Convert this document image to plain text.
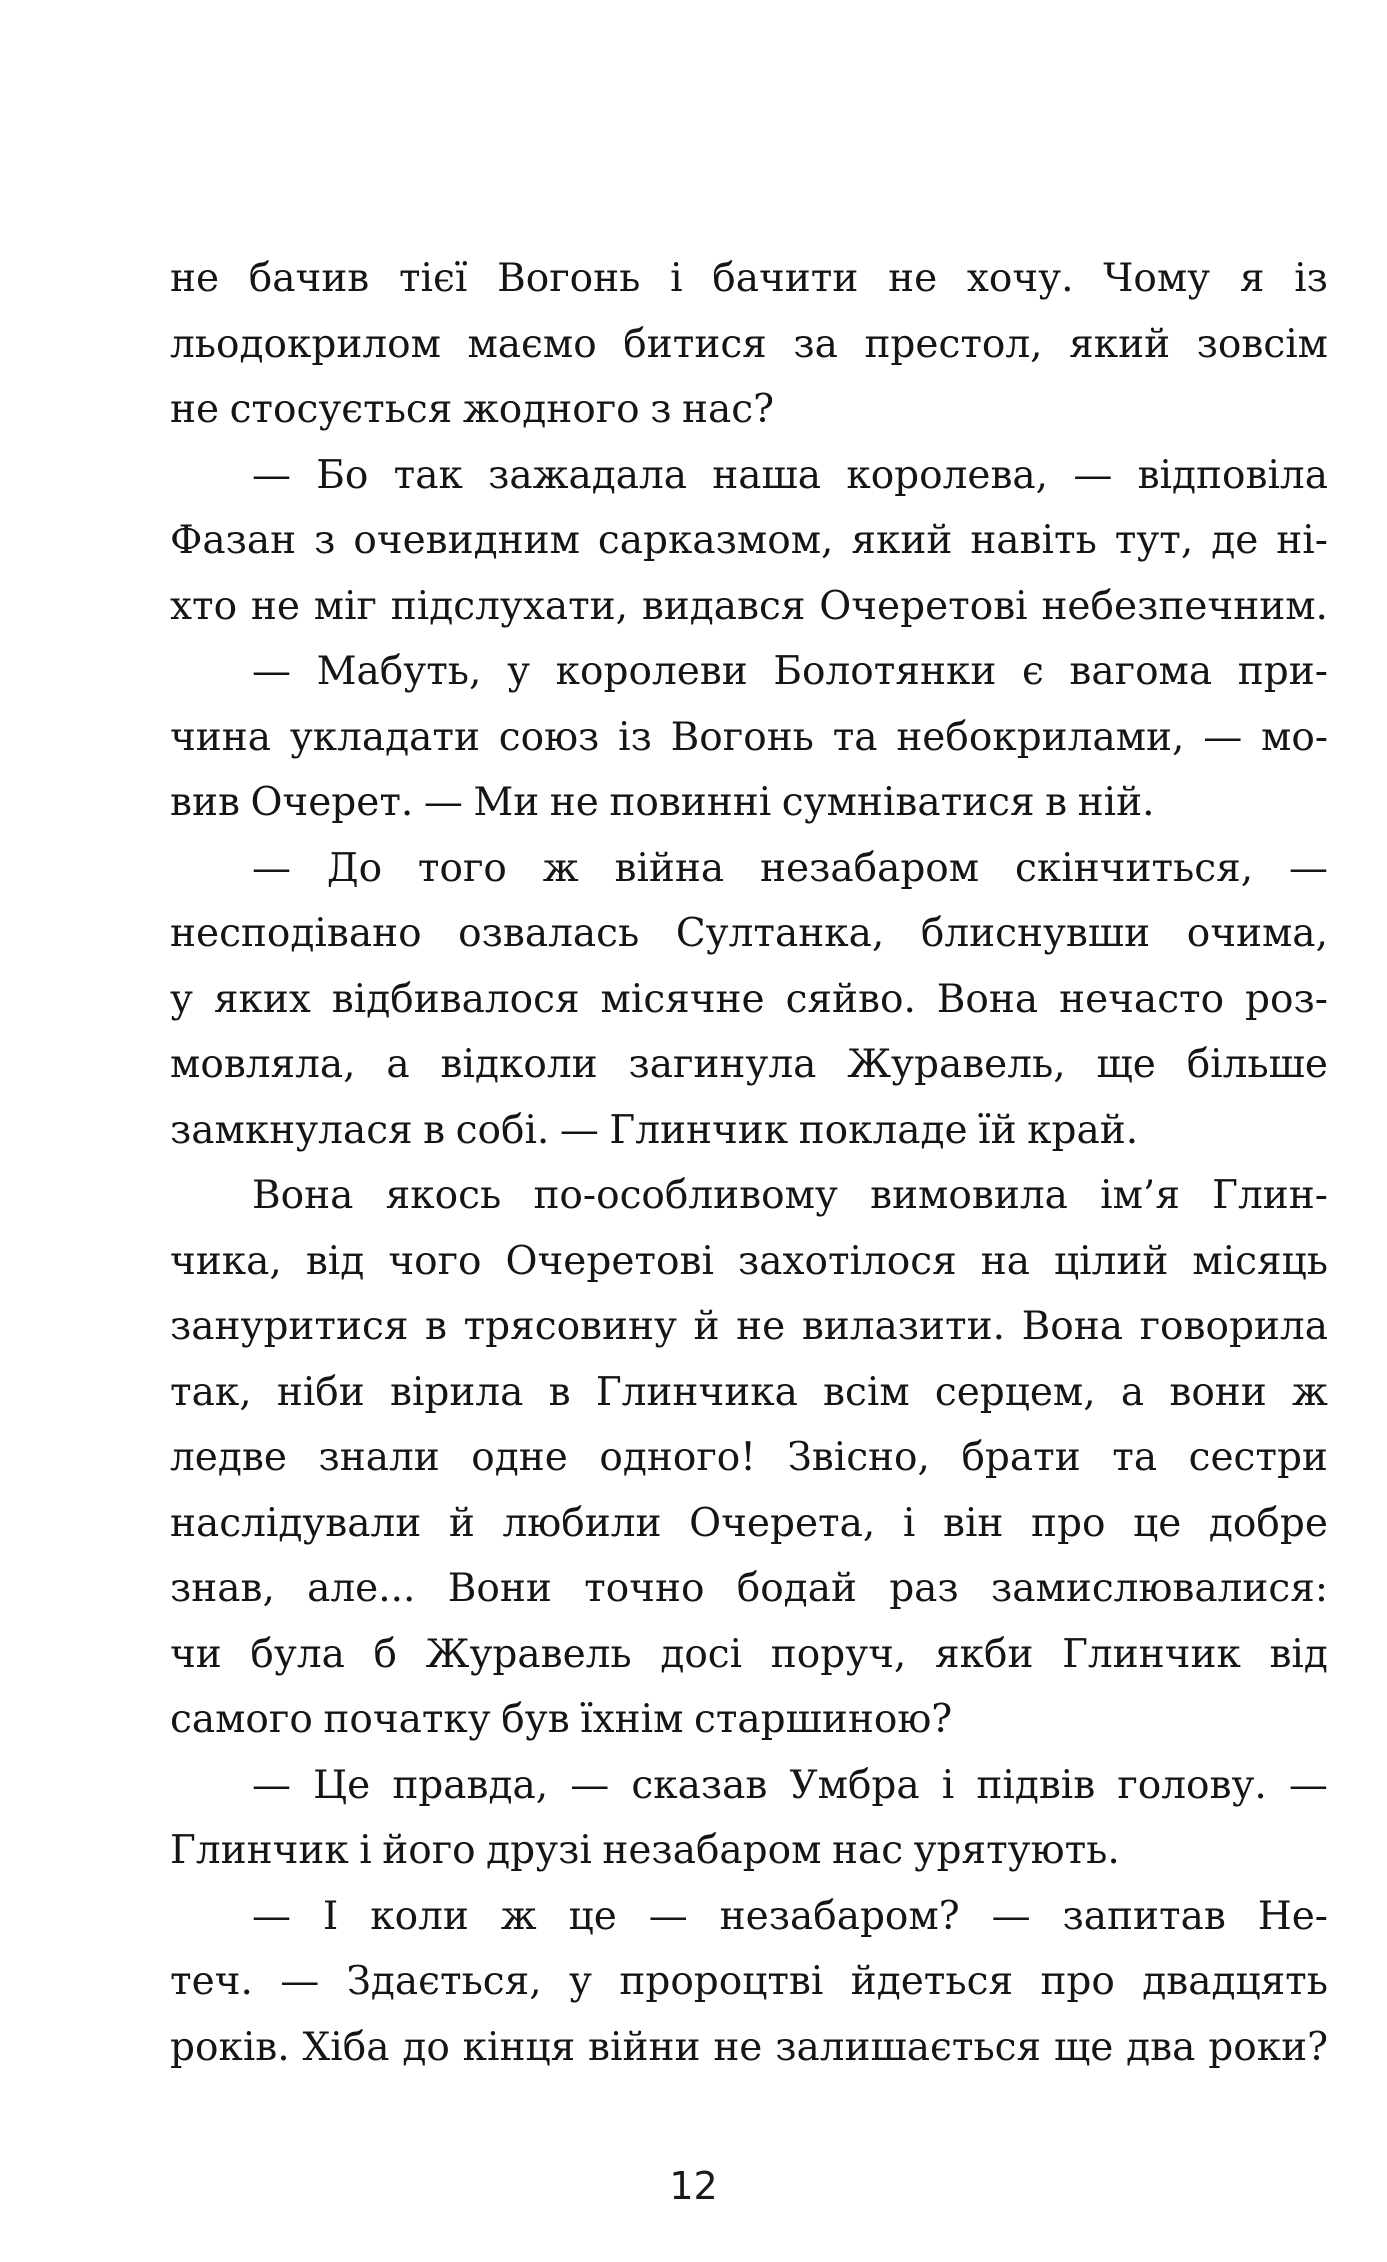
не бачив тієї Вогонь і бачити не хочу. Чому я із
льодокрилом маємо битися за престол, який зовсім
не стосується жодного з нас?
— Бо так зажадала наша королева, — відповіла
Фазан з очевидним сарказмом, який навіть тут, де ні-
хто не міг підслухати, видався Очеретові небезпечним.
— Мабуть, у королеви Болотянки є вагома при-
чина укладати союз із Вогонь та небокрилами, — мо-
вив Очерет. — Ми не повинні сумніватися в ній.
— До того ж війна незабаром скінчиться, —
несподівано озвалась Султанка, блиснувши очима,
у яких відбивалося місячне сяйво. Вона нечасто роз-
мовляла, а відколи загинула Журавель, ще більше
замкнулася в собі. — Глинчик покладе їй край.
Вона якось по-особливому вимовила ім’я Глин-
чика, від чого Очеретові захотілося на цілий місяць
зануритися в трясовину й не вилазити. Вона говорила
так, ніби вірила в Глинчика всім серцем, а вони ж
ледве знали одне одного! Звісно, брати та сестри
наслідували й любили Очерета, і він про це добре
знав, але... Вони точно бодай раз замислювалися:
чи була б Журавель досі поруч, якби Глинчик від
самого початку був їхнім старшиною?
— Це правда, — сказав Умбра і підвів голову. —
Глинчик і його друзі незабаром нас урятують.
— І коли ж це — незабаром? — запитав Не-
теч. — Здається, у пророцтві йдеться про двадцять
років. Хіба до кінця війни не залишається ще два роки?
12
